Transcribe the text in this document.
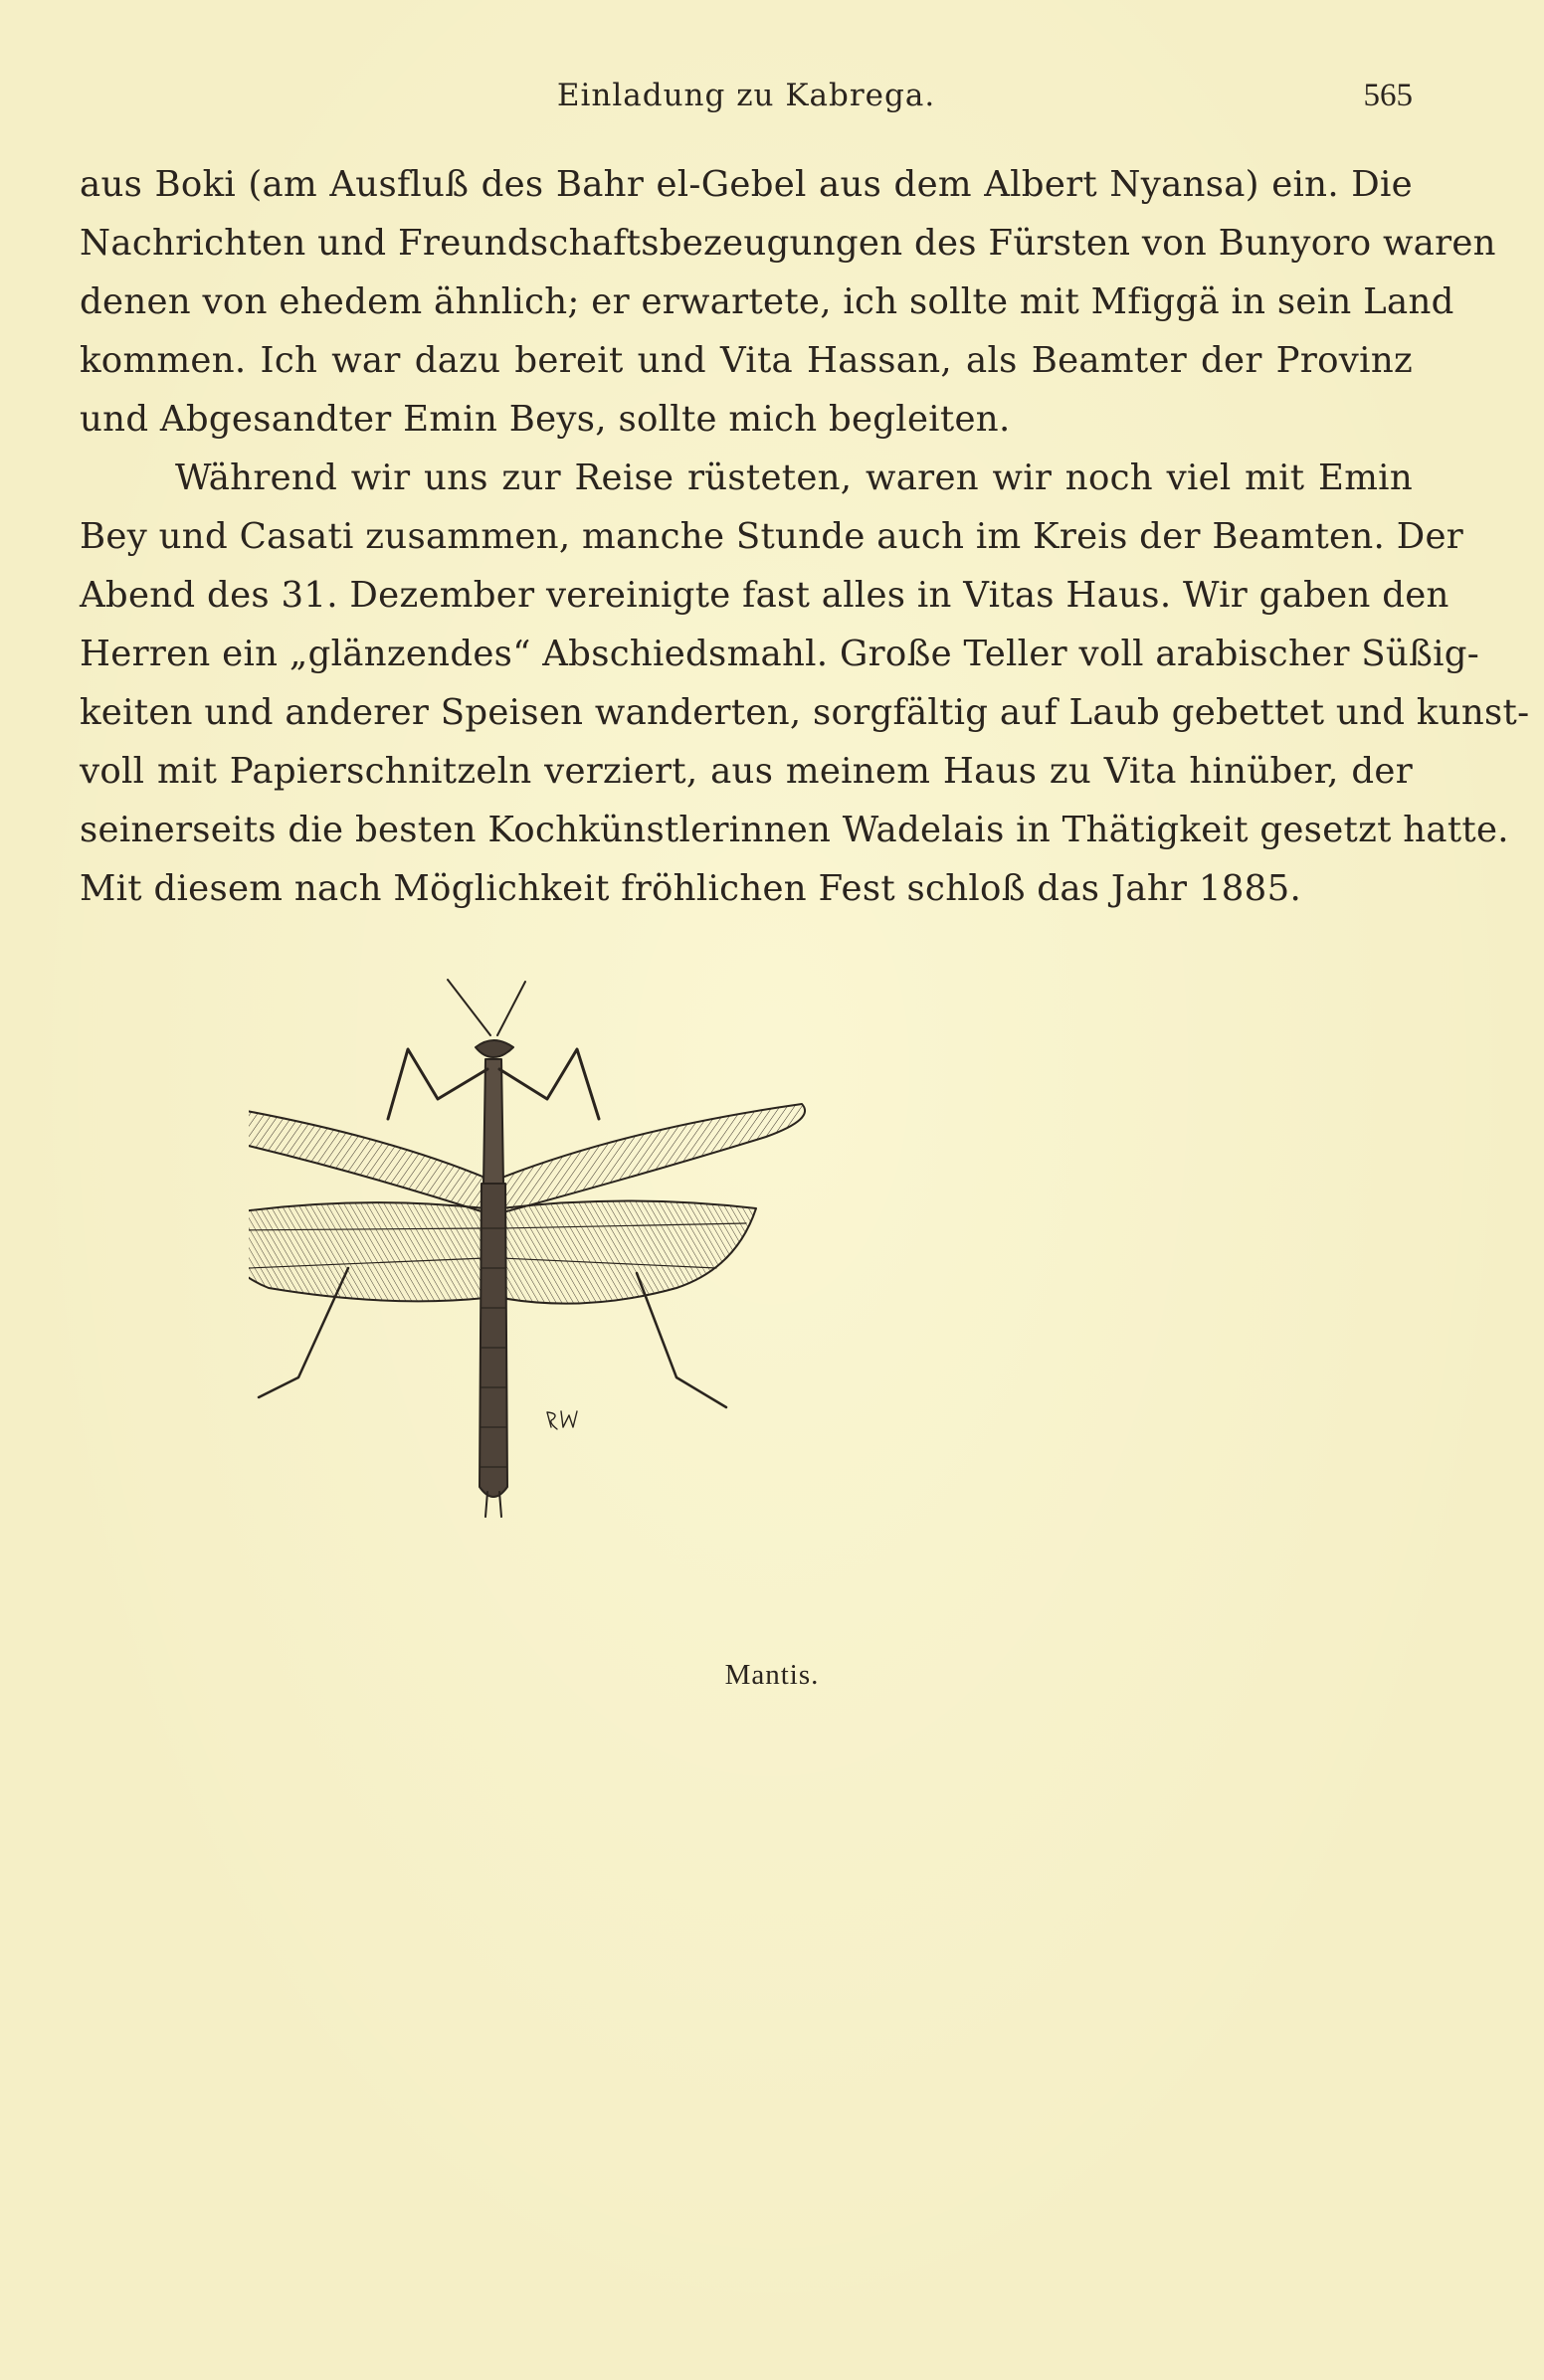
Einladung zu Kabrega.	565

aus Boki (am Ausfluß des Bahr el-Gebel aus dem Albert Nyansa) ein. Die
Nachrichten und Freundschaftsbezeugungen des Fürsten von Bunyoro waren
denen von ehedem ähnlich; er erwartete, ich sollte mit Mfiggä in sein Land
kommen. Ich war dazu bereit und Vita Hassan, als Beamter der Provinz
und Abgesandter Emin Beys, sollte mich begleiten.

Während wir uns zur Reise rüsteten, waren wir noch viel mit Emin
Bey und Casati zusammen, manche Stunde auch im Kreis der Beamten. Der
Abend des 31. Dezember vereinigte fast alles in Vitas Haus. Wir gaben den
Herren ein „glänzendes“ Abschiedsmahl. Große Teller voll arabischer Süßig-
keiten und anderer Speisen wanderten, sorgfältig auf Laub gebettet und kunst-
voll mit Papierschnitzeln verziert, aus meinem Haus zu Vita hinüber, der
seinerseits die besten Kochkünstlerinnen Wadelais in Thätigkeit gesetzt hatte.
Mit diesem nach Möglichkeit fröhlichen Fest schloß das Jahr 1885.

Mantis.
